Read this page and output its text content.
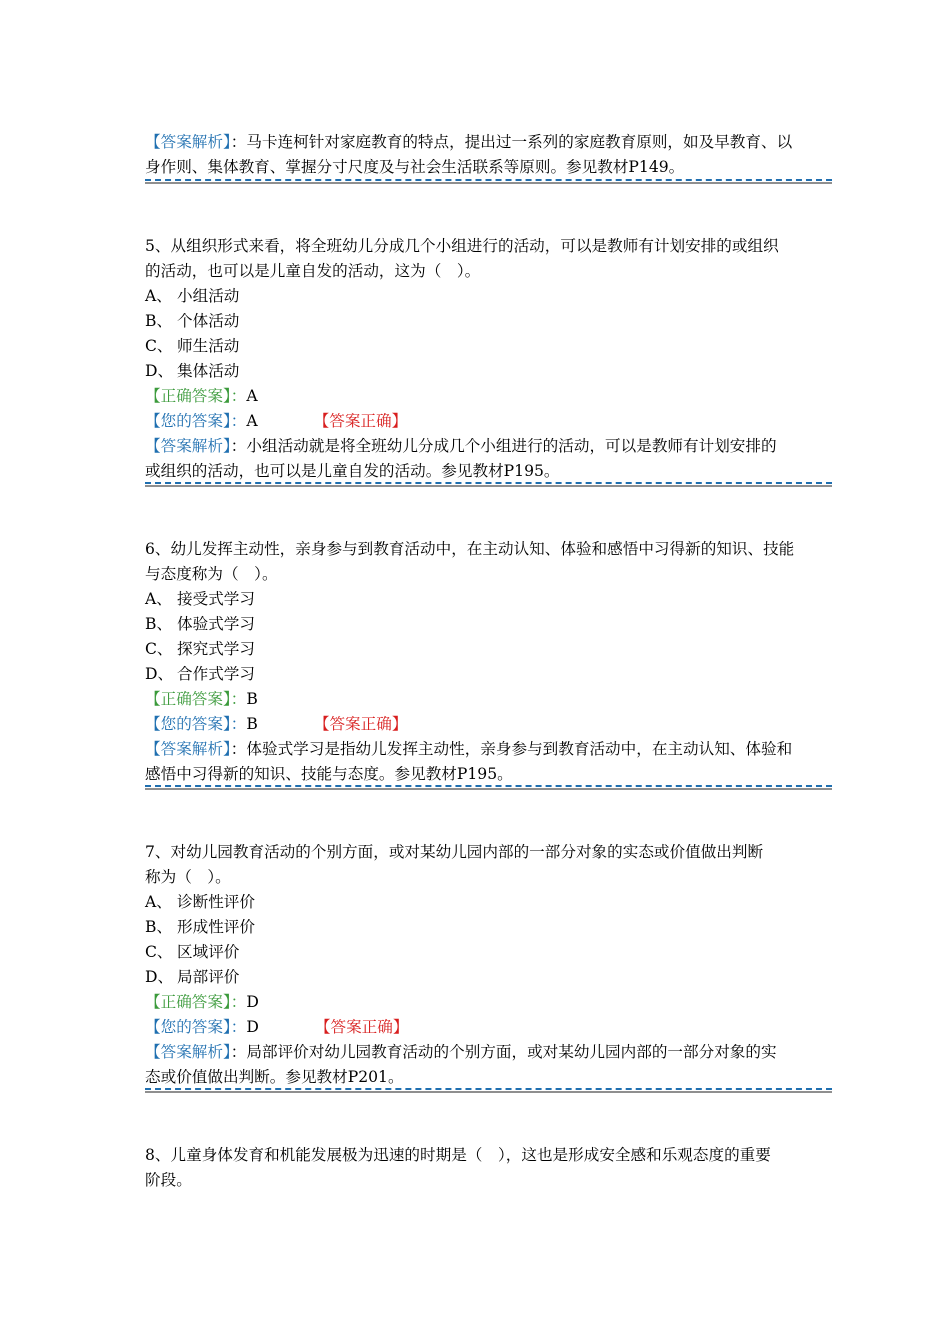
【答案解析】：马卡连柯针对家庭教育的特点，提出过一系列的家庭教育原则，如及早教育、以
身作则、集体教育、掌握分寸尺度及与社会生活联系等原则。参见教材P149。
5、从组织形式来看，将全班幼儿分成几个小组进行的活动，可以是教师有计划安排的或组织
的活动，也可以是儿童自发的活动，这为（　）。
A、 小组活动
B、 个体活动
C、 师生活动
D、 集体活动
【正确答案】：A
【您的答案】：A	【答案正确】
【答案解析】：小组活动就是将全班幼儿分成几个小组进行的活动，可以是教师有计划安排的
或组织的活动，也可以是儿童自发的活动。参见教材P195。
6、幼儿发挥主动性，亲身参与到教育活动中，在主动认知、体验和感悟中习得新的知识、技能
与态度称为（　）。
A、 接受式学习
B、 体验式学习
C、 探究式学习
D、 合作式学习
【正确答案】：B
【您的答案】：B	【答案正确】
【答案解析】：体验式学习是指幼儿发挥主动性，亲身参与到教育活动中，在主动认知、体验和
感悟中习得新的知识、技能与态度。参见教材P195。
7、对幼儿园教育活动的个别方面，或对某幼儿园内部的一部分对象的实态或价值做出判断
称为（　）。
A、 诊断性评价
B、 形成性评价
C、 区域评价
D、 局部评价
【正确答案】：D
【您的答案】：D	【答案正确】
【答案解析】：局部评价对幼儿园教育活动的个别方面，或对某幼儿园内部的一部分对象的实
态或价值做出判断。参见教材P201。
8、儿童身体发育和机能发展极为迅速的时期是（　），这也是形成安全感和乐观态度的重要
阶段。
